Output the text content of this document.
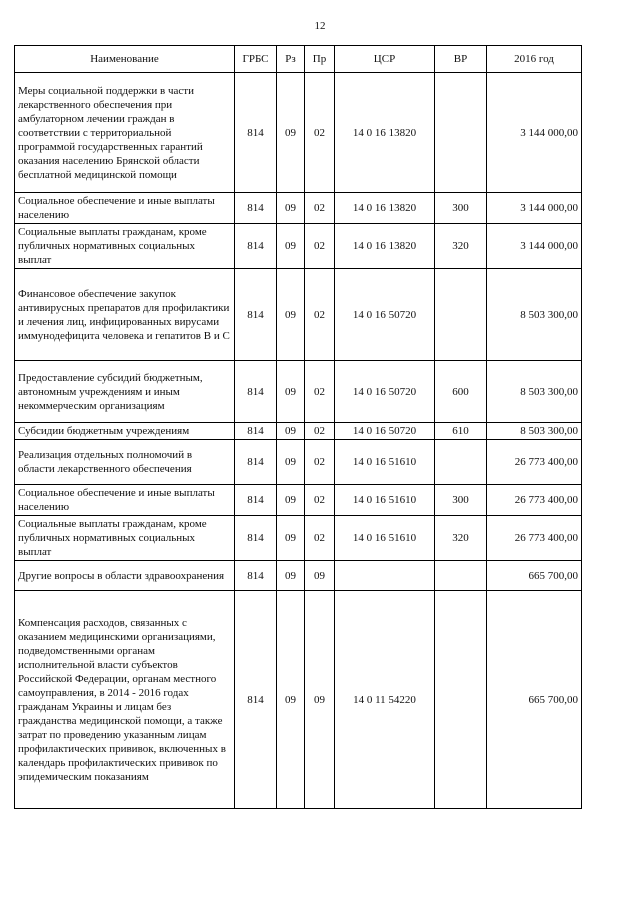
12
Наименование	ГРБС	Рз	Пр	ЦСР	ВР	2016 год
Меры социальной поддержки в части лекарственного обеспечения при амбулаторном лечении граждан в соответствии с территориальной программой государственных гарантий оказания населению Брянской области бесплатной медицинской помощи	814	09	02	14 0 16 13820		3 144 000,00
Социальное обеспечение и иные выплаты населению	814	09	02	14 0 16 13820	300	3 144 000,00
Социальные выплаты гражданам, кроме публичных нормативных социальных выплат	814	09	02	14 0 16 13820	320	3 144 000,00
Финансовое обеспечение закупок антивирусных препаратов для профилактики и лечения лиц, инфицированных вирусами иммунодефицита человека и гепатитов В и С	814	09	02	14 0 16 50720		8 503 300,00
Предоставление субсидий бюджетным, автономным учреждениям и иным некоммерческим организациям	814	09	02	14 0 16 50720	600	8 503 300,00
Субсидии бюджетным учреждениям	814	09	02	14 0 16 50720	610	8 503 300,00
Реализация отдельных полномочий в области лекарственного обеспечения	814	09	02	14 0 16 51610		26 773 400,00
Социальное обеспечение и иные выплаты населению	814	09	02	14 0 16 51610	300	26 773 400,00
Социальные выплаты гражданам, кроме публичных нормативных социальных выплат	814	09	02	14 0 16 51610	320	26 773 400,00
Другие вопросы в области здравоохранения	814	09	09			665 700,00
Компенсация расходов, связанных с оказанием медицинскими организациями, подведомственными органам исполнительной власти субъектов Российской Федерации, органам местного самоуправления, в 2014 - 2016 годах гражданам Украины и лицам без гражданства медицинской помощи, а также затрат по проведению указанным лицам профилактических прививок, включенных в календарь профилактических прививок по эпидемическим показаниям	814	09	09	14 0 11 54220		665 700,00
